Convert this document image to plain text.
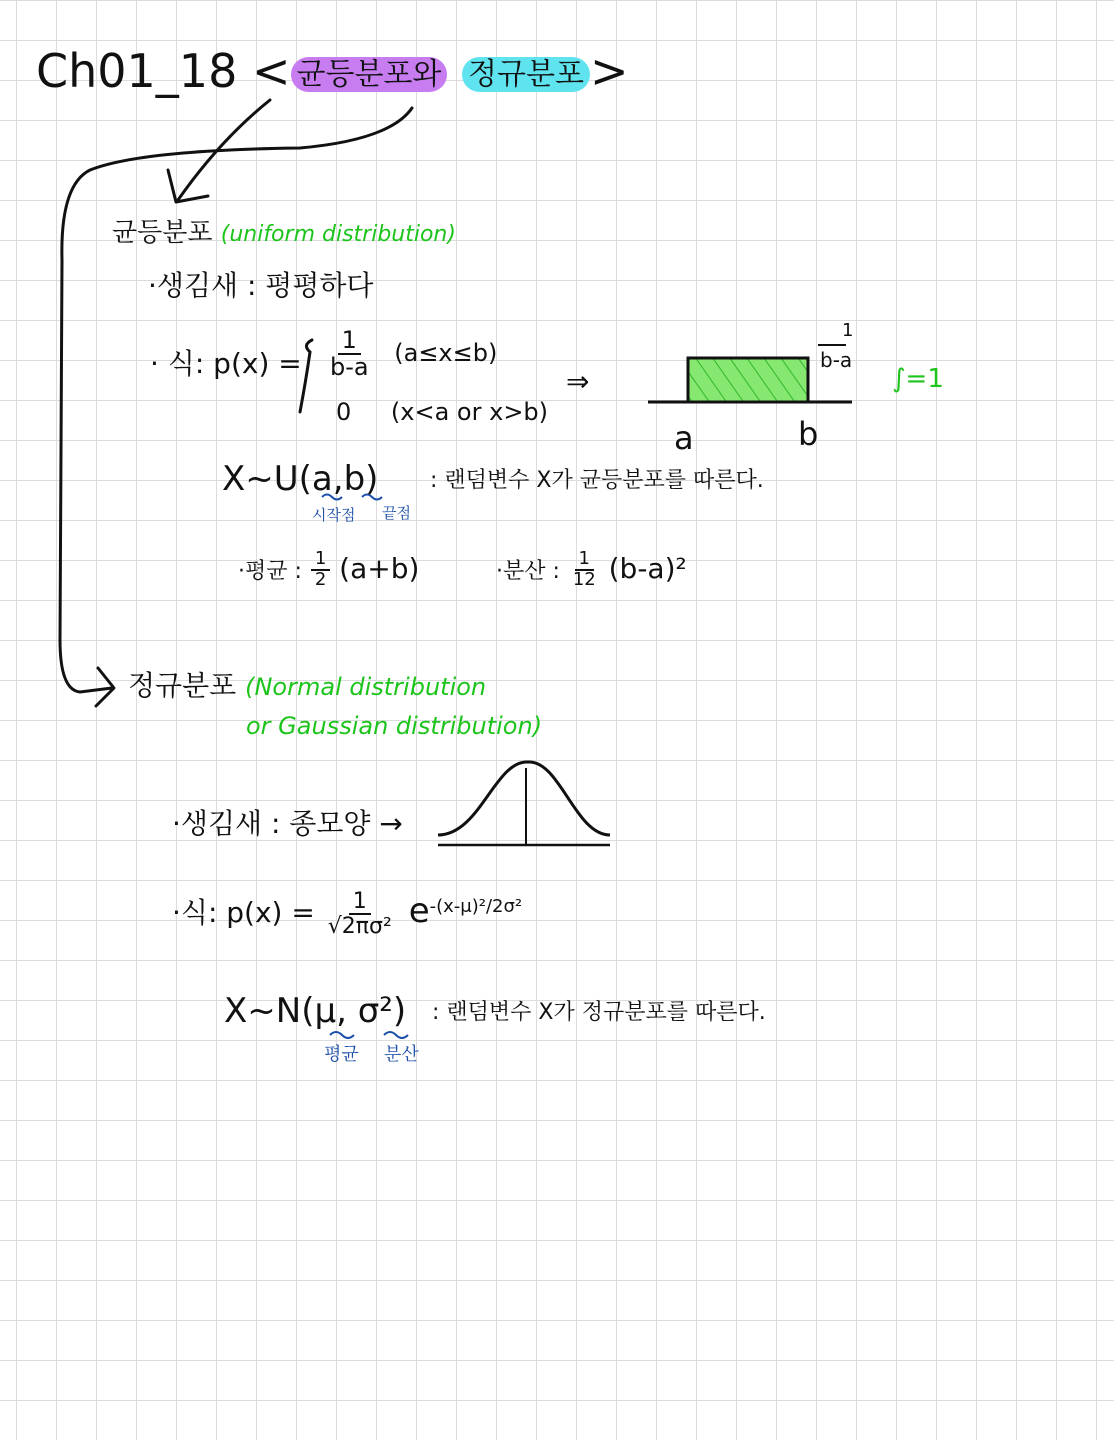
Ch01_18 < 균등분포와 정규분포 >
균등분포 (uniform distribution)
·생김새 : 평평하다
· 식: $p(x) = \frac{1}{b-a} (a\le x\le b)$
0 (x<a or x>b)
⇒
1
b-a
∫=1
a	b
X~U(a,b) : 랜덤변수 X가 균등분포를 따른다.
시작점 끝점
·평균 : $\frac{1}{2} (a+b)$	·분산 : $\frac{1}{12} (b-a)^2$
정규분포 (Normal distribution
or Gaussian distribution)
·생김새 : 종모양 →
·식: $p(x) = \frac{1}{\text{√2πσ²}} e^{-(x-\mu)^2/2\sigma^2}$
X~N(μ, σ²) : 랜덤변수 X가 정규분포를 따른다.
평균 분산
